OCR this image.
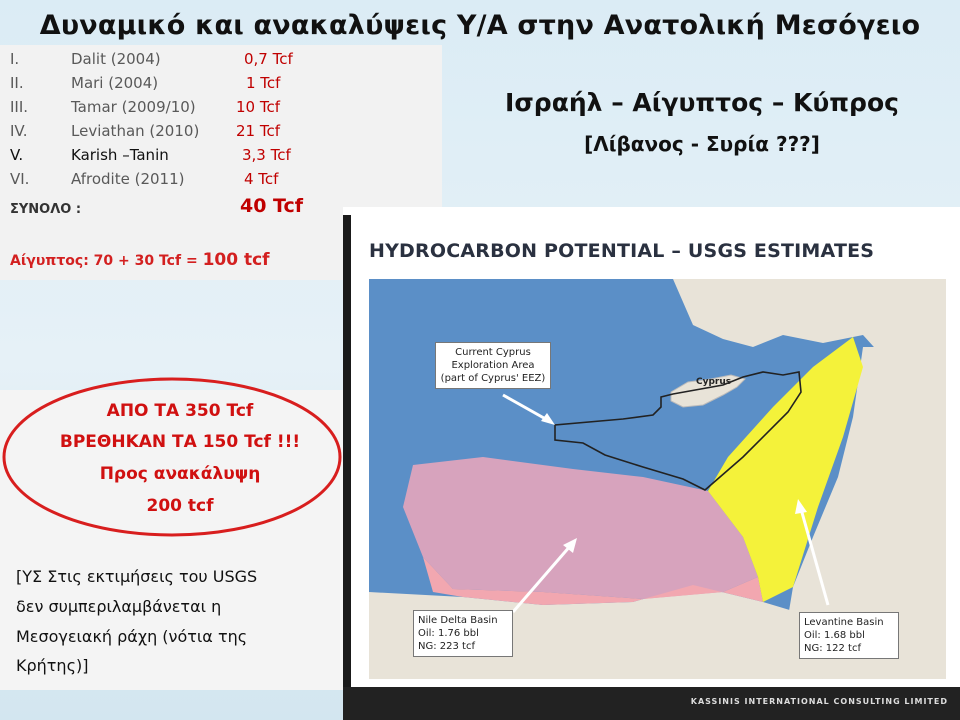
Δυναμικό και ανακαλύψεις Υ/Α στην Ανατολική Μεσόγειο
I.	Dalit (2004)	0,7 Tcf
II.	Mari (2004)	1 Tcf
III.	Tamar (2009/10)	10 Tcf
IV.	Leviathan (2010) 21 Tcf
V.	Karish –Tanin	3,3 Tcf
VI.	Afrodite (2011)	4 Tcf
ΣΥΝΟΛΟ :	40 Tcf
Αίγυπτος: 70 + 30 Tcf = 100 tcf
Ισραήλ – Αίγυπτος – Κύπρος
[Λίβανος - Συρία ???]
ΑΠΟ ΤΑ 350 Tcf
ΒΡΕΘΗΚΑΝ ΤΑ 150 Tcf !!!
Προς ανακάλυψη
200 tcf
[ΥΣ Στις εκτιμήσεις του USGS
δεν συμπεριλαμβάνεται η
Μεσογειακή ράχη (νότια της
Κρήτης)]
HYDROCARBON POTENTIAL – USGS ESTIMATES
Current Cyprus
Exploration Area
(part of Cyprus' EEZ)	Cyprus
Nile Delta Basin
Oil: 1.76 bbl
NG: 223 tcf
Levantine Basin
Oil: 1.68 bbl
NG: 122 tcf
KASSINIS INTERNATIONAL CONSULTING LIMITED
